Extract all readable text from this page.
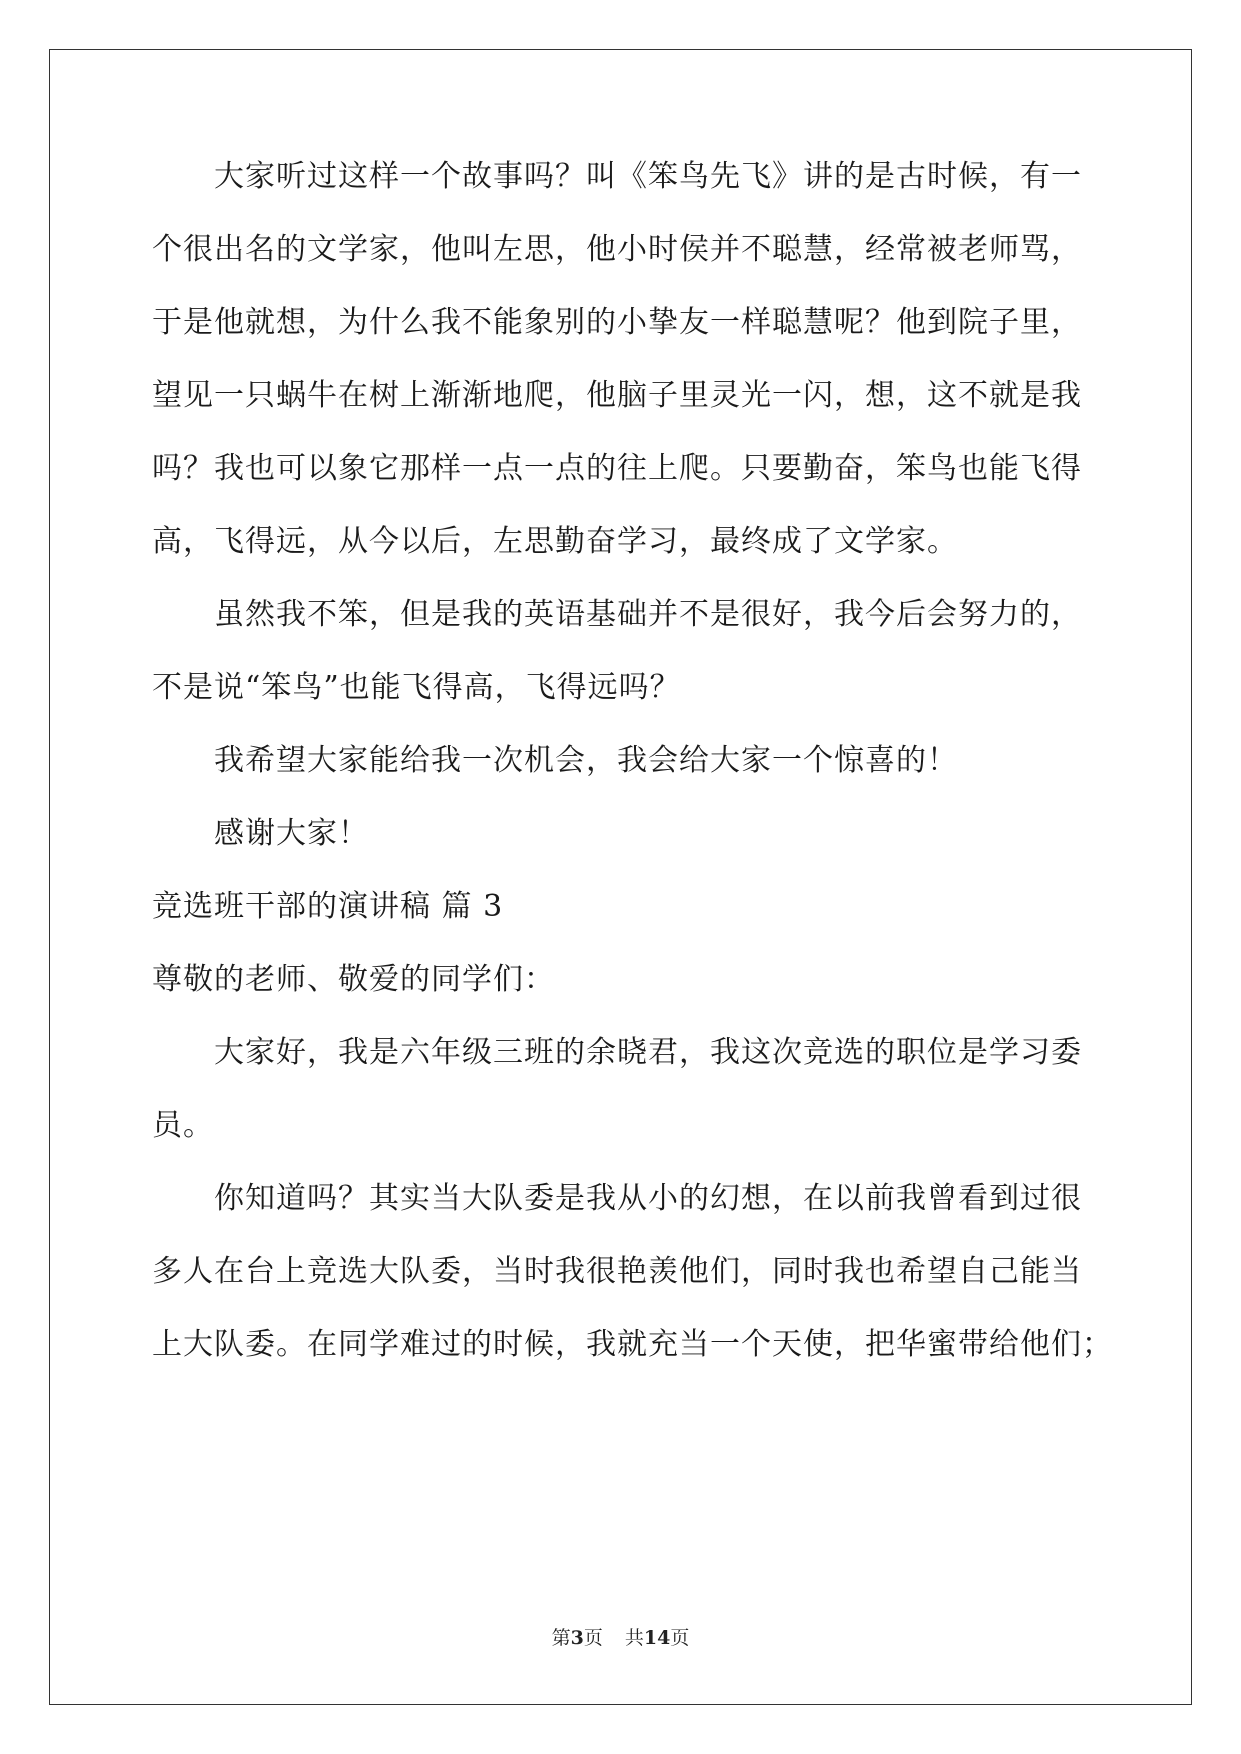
大家听过这样一个故事吗？叫《笨鸟先飞》讲的是古时候，有一
个很出名的文学家，他叫左思，他小时侯并不聪慧，经常被老师骂，
于是他就想，为什么我不能象别的小挚友一样聪慧呢？他到院子里，
望见一只蜗牛在树上渐渐地爬，他脑子里灵光一闪，想，这不就是我
吗？我也可以象它那样一点一点的往上爬。只要勤奋，笨鸟也能飞得
高，飞得远，从今以后，左思勤奋学习，最终成了文学家。
虽然我不笨，但是我的英语基础并不是很好，我今后会努力的，
不是说“笨鸟”也能飞得高，飞得远吗？
我希望大家能给我一次机会，我会给大家一个惊喜的！
感谢大家！
竞选班干部的演讲稿 篇 3
尊敬的老师、敬爱的同学们：
大家好，我是六年级三班的余晓君，我这次竞选的职位是学习委
员。
你知道吗？其实当大队委是我从小的幻想，在以前我曾看到过很
多人在台上竞选大队委，当时我很艳羡他们，同时我也希望自己能当
上大队委。在同学难过的时候，我就充当一个天使，把华蜜带给他们；
第3页 共14页
